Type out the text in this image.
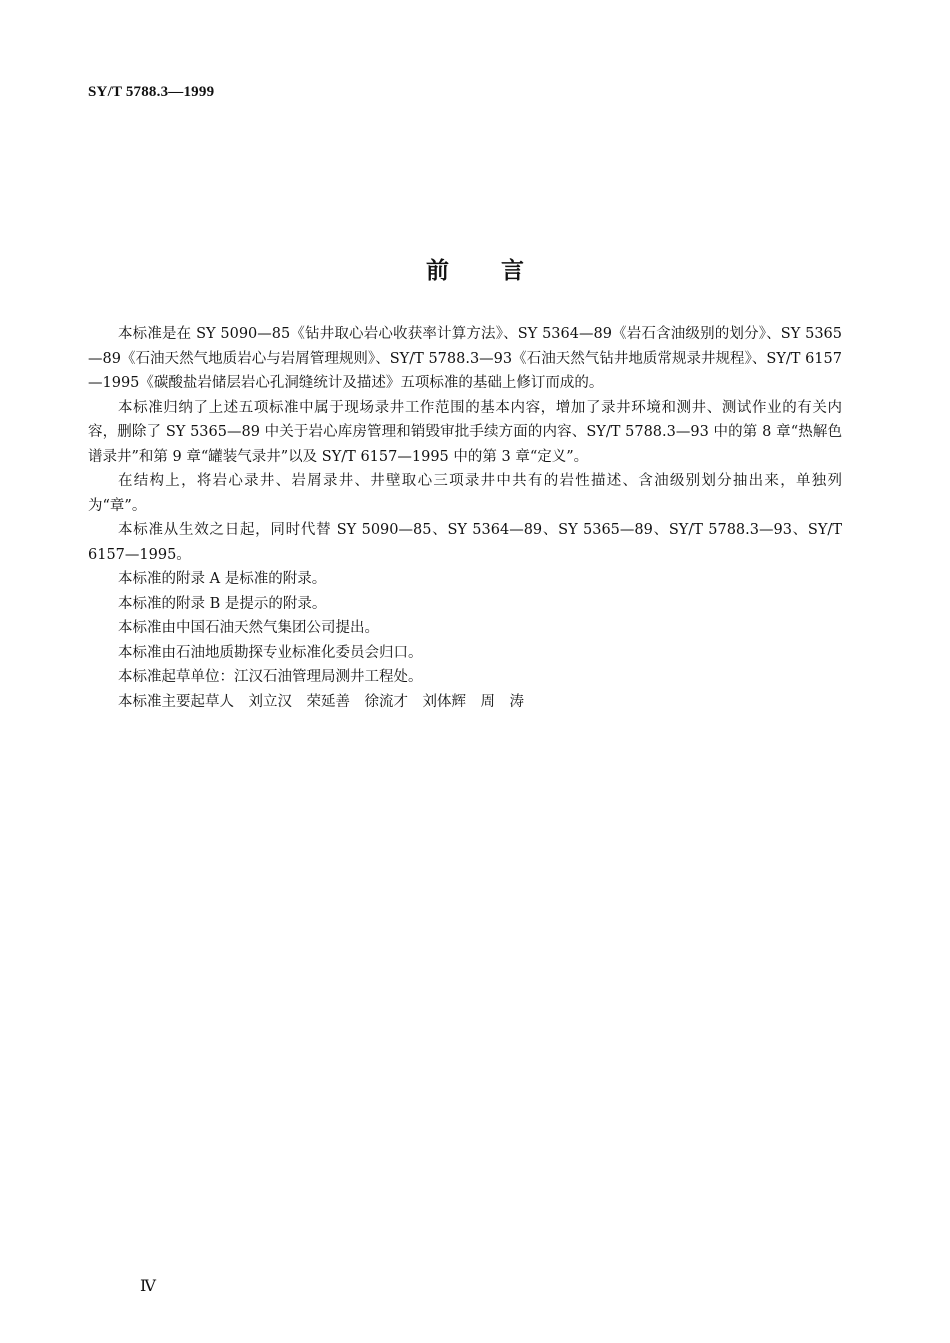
SY/T 5788.3—1999
前言

本标准是在 SY 5090—85《钻井取心岩心收获率计算方法》、SY 5364—89《岩石含油级别的划分》、SY 5365—89《石油天然气地质岩心与岩屑管理规则》、SY/T 5788.3—93《石油天然气钻井地质常规录井规程》、SY/T 6157—1995《碳酸盐岩储层岩心孔洞缝统计及描述》五项标准的基础上修订而成的。

本标准归纳了上述五项标准中属于现场录井工作范围的基本内容，增加了录井环境和测井、测试作业的有关内容，删除了 SY 5365—89 中关于岩心库房管理和销毁审批手续方面的内容、SY/T 5788.3—93 中的第 8 章“热解色谱录井”和第 9 章“罐装气录井”以及 SY/T 6157—1995 中的第 3 章“定义”。

在结构上，将岩心录井、岩屑录井、井壁取心三项录井中共有的岩性描述、含油级别划分抽出来，单独列为“章”。

本标准从生效之日起，同时代替 SY 5090—85、SY 5364—89、SY 5365—89、SY/T 5788.3—93、SY/T 6157—1995。

本标准的附录 A 是标准的附录。

本标准的附录 B 是提示的附录。

本标准由中国石油天然气集团公司提出。

本标准由石油地质勘探专业标准化委员会归口。

本标准起草单位：江汉石油管理局测井工程处。

本标准主要起草人　刘立汉　荣延善　徐流才　刘体辉　周　涛

Ⅳ
